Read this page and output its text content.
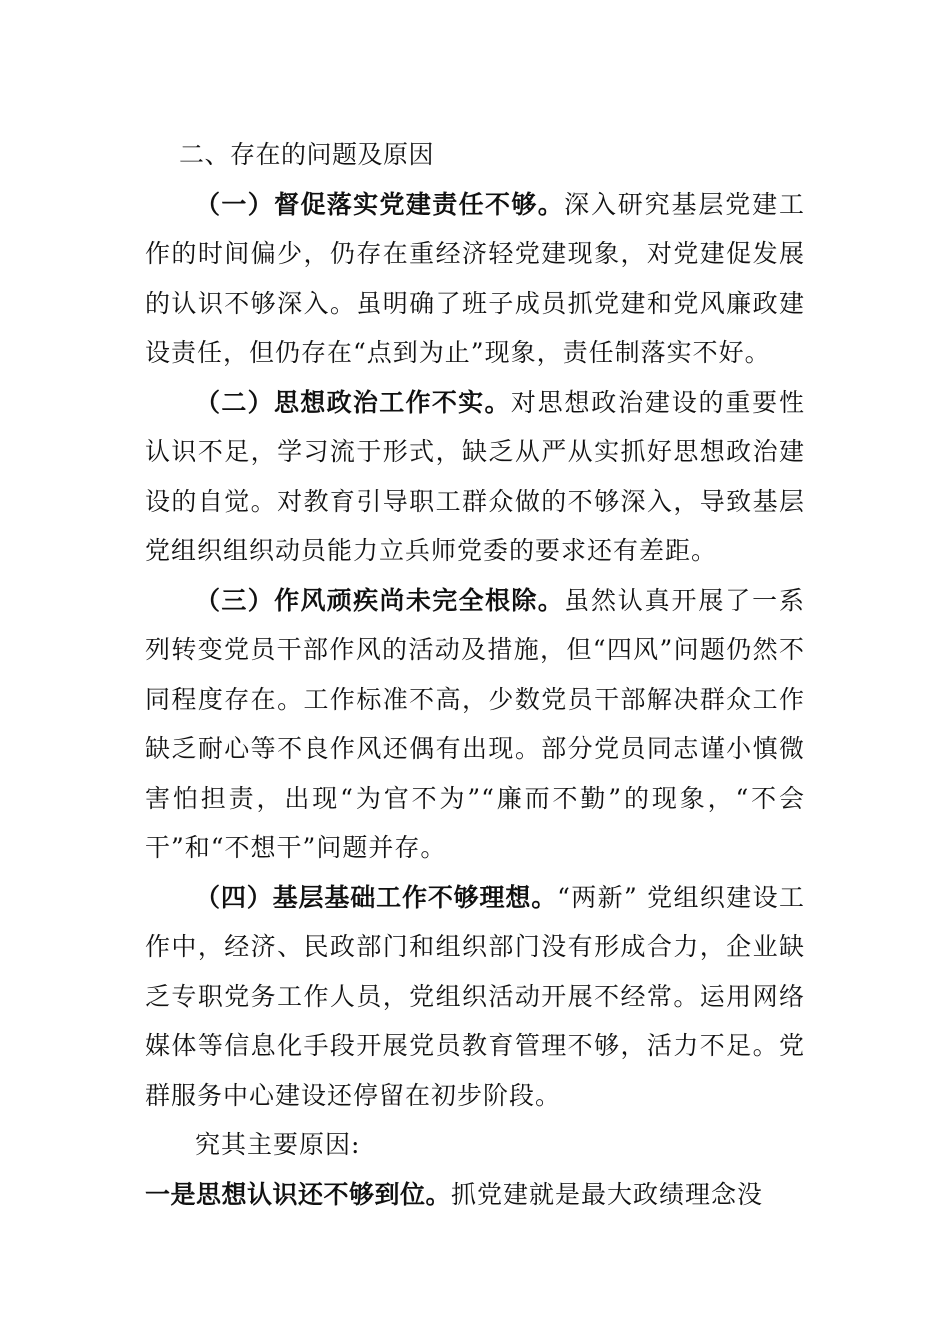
二、存在的问题及原因

（一）督促落实党建责任不够。深入研究基层党建工作的时间偏少，仍存在重经济轻党建现象，对党建促发展的认识不够深入。虽明确了班子成员抓党建和党风廉政建设责任，但仍存在“点到为止”现象，责任制落实不好。

（二）思想政治工作不实。对思想政治建设的重要性认识不足，学习流于形式，缺乏从严从实抓好思想政治建设的自觉。对教育引导职工群众做的不够深入，导致基层党组织组织动员能力立兵师党委的要求还有差距。

（三）作风顽疾尚未完全根除。虽然认真开展了一系列转变党员干部作风的活动及措施，但“四风”问题仍然不同程度存在。工作标准不高，少数党员干部解决群众工作缺乏耐心等不良作风还偶有出现。部分党员同志谨小慎微害怕担责，出现“为官不为”“廉而不勤”的现象，“不会干”和“不想干”问题并存。

（四）基层基础工作不够理想。“两新” 党组织建设工作中，经济、民政部门和组织部门没有形成合力，企业缺乏专职党务工作人员，党组织活动开展不经常。运用网络媒体等信息化手段开展党员教育管理不够，活力不足。党群服务中心建设还停留在初步阶段。

究其主要原因:

一是思想认识还不够到位。抓党建就是最大政绩理念没
